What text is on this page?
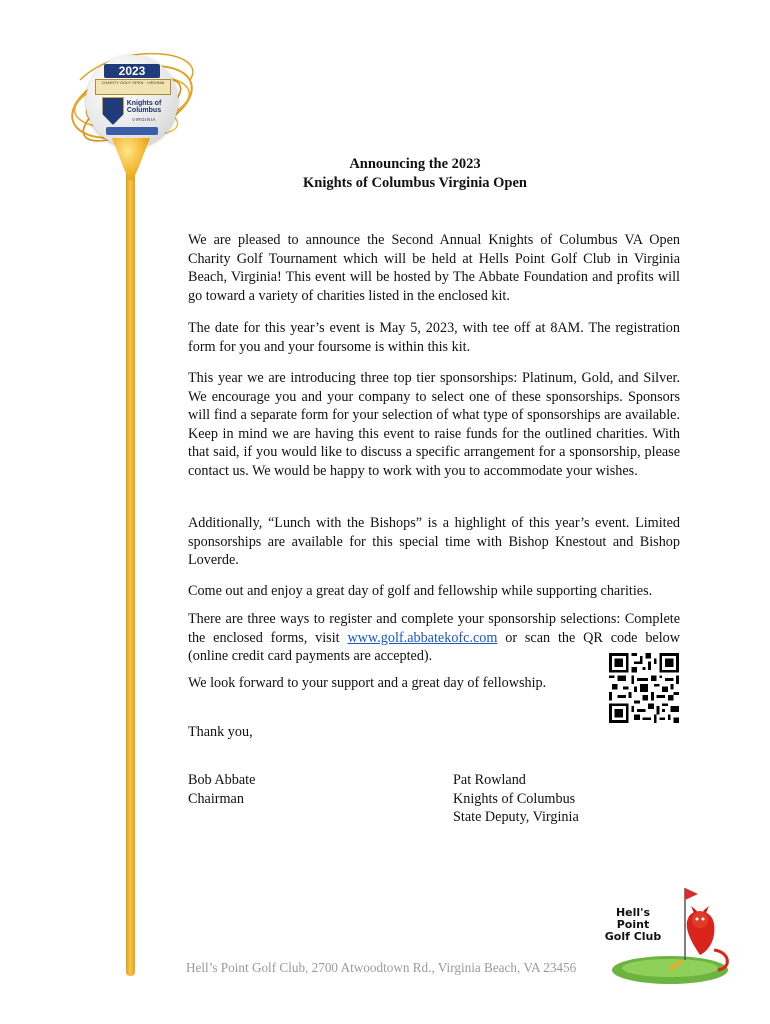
2023
CHARITY GOLF OPEN · VIRGINIA
Knights of
Columbus
VIRGINIA
Announcing the 2023
Knights of Columbus Virginia Open

We are pleased to announce the Second Annual Knights of Columbus VA Open Charity Golf Tournament which will be held at Hells Point Golf Club in Virginia Beach, Virginia! This event will be hosted by The Abbate Foundation and profits will go toward a variety of charities listed in the enclosed kit.

The date for this year’s event is May 5, 2023, with tee off at 8AM. The registration form for you and your foursome is within this kit.

This year we are introducing three top tier sponsorships: Platinum, Gold, and Silver. We encourage you and your company to select one of these sponsorships. Sponsors will find a separate form for your selection of what type of sponsorships are available. Keep in mind we are having this event to raise funds for the outlined charities. With that said, if you would like to discuss a specific arrangement for a sponsorship, please contact us. We would be happy to work with you to accommodate your wishes.

Additionally, “Lunch with the Bishops” is a highlight of this year’s event. Limited sponsorships are available for this special time with Bishop Knestout and Bishop Loverde.

Come out and enjoy a great day of golf and fellowship while supporting charities.

There are three ways to register and complete your sponsorship selections: Complete the enclosed forms, visit www.golf.abbatekofc.com or scan the QR code below (online credit card payments are accepted).

We look forward to your support and a great day of fellowship.

Thank you,

Bob Abbate
Chairman
Pat Rowland
Knights of Columbus
State Deputy, Virginia
Hell's Point
Golf Club
Hell’s Point Golf Club, 2700 Atwoodtown Rd., Virginia Beach, VA 23456
